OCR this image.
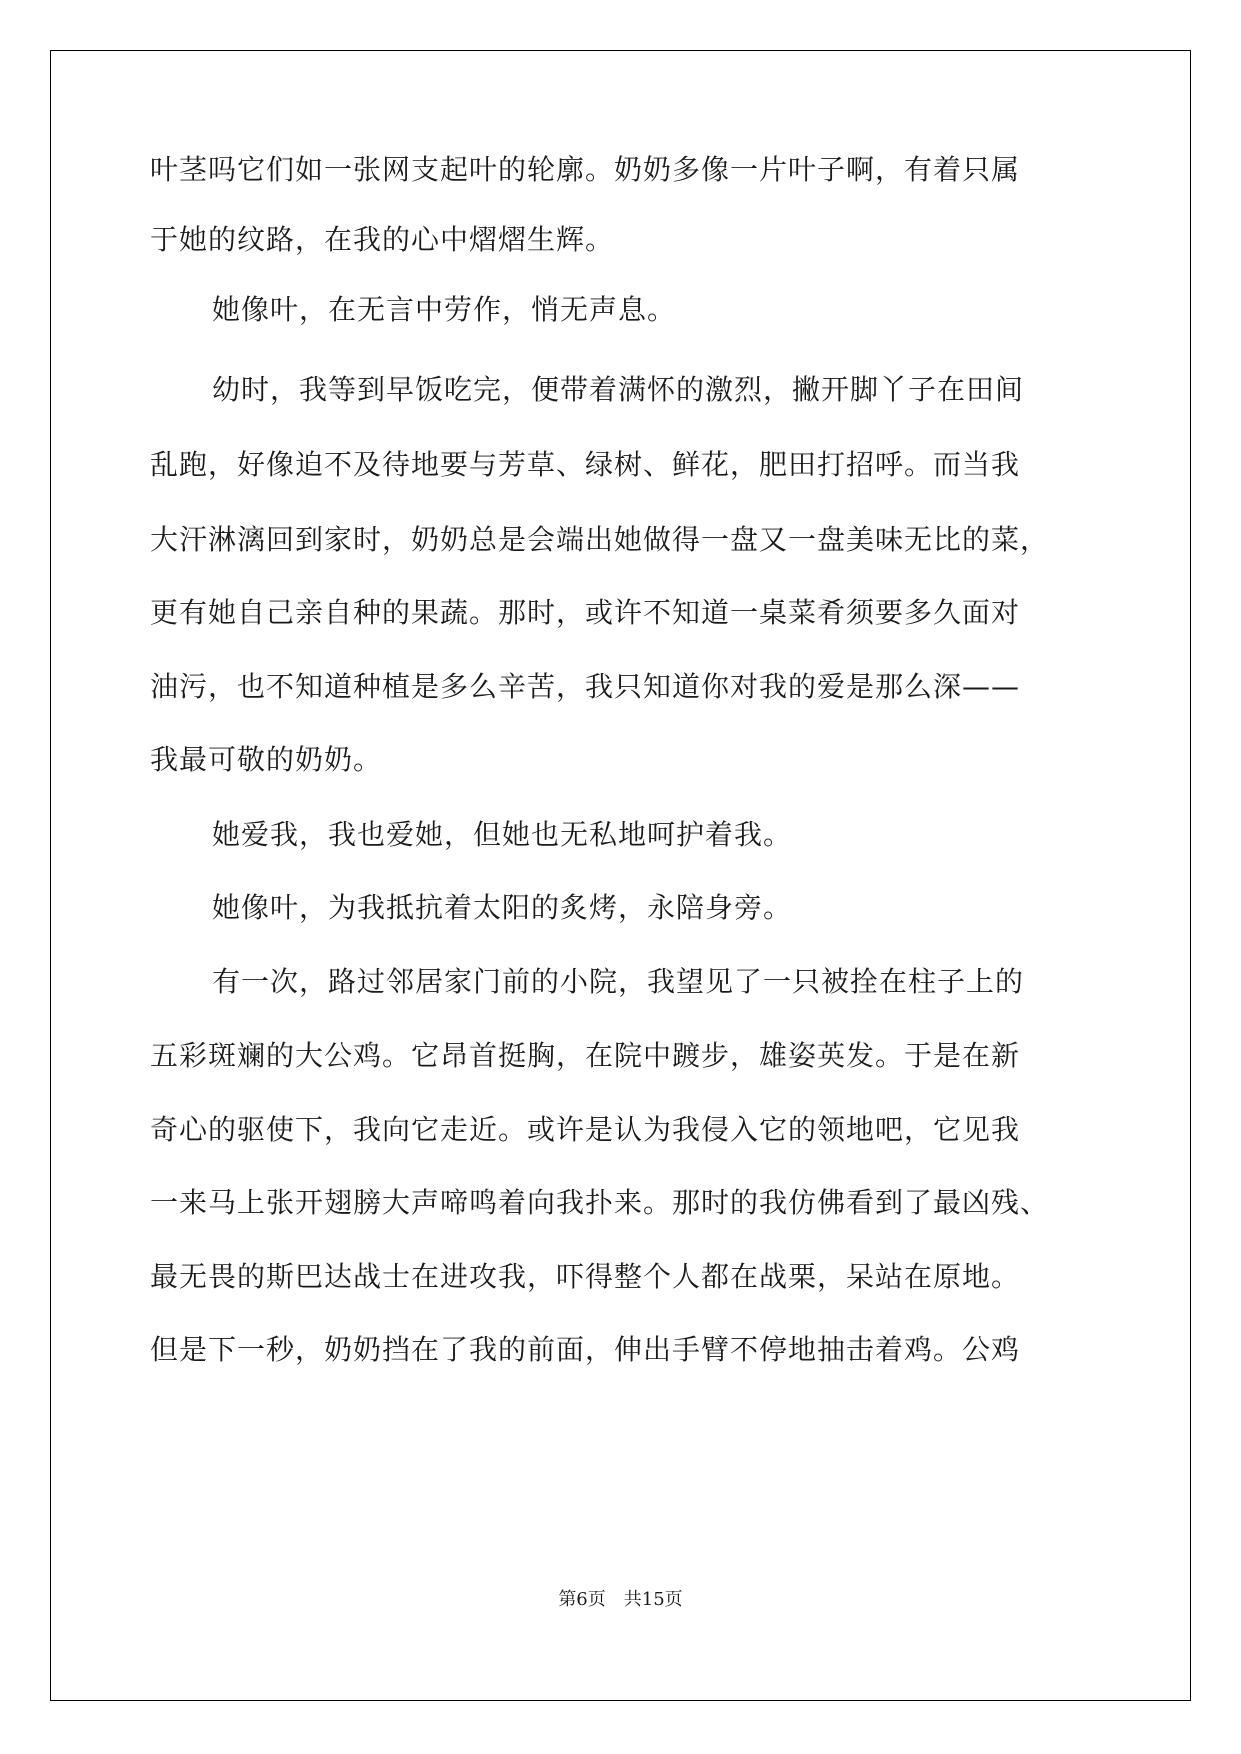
叶茎吗它们如一张网支起叶的轮廓。奶奶多像一片叶子啊，有着只属
于她的纹路，在我的心中熠熠生辉。
她像叶，在无言中劳作，悄无声息。
幼时，我等到早饭吃完，便带着满怀的激烈，撇开脚丫子在田间
乱跑，好像迫不及待地要与芳草、绿树、鲜花，肥田打招呼。而当我
大汗淋漓回到家时，奶奶总是会端出她做得一盘又一盘美味无比的菜，
更有她自己亲自种的果蔬。那时，或许不知道一桌菜肴须要多久面对
油污，也不知道种植是多么辛苦，我只知道你对我的爱是那么深——
我最可敬的奶奶。
她爱我，我也爱她，但她也无私地呵护着我。
她像叶，为我抵抗着太阳的炙烤，永陪身旁。
有一次，路过邻居家门前的小院，我望见了一只被拴在柱子上的
五彩斑斓的大公鸡。它昂首挺胸，在院中踱步，雄姿英发。于是在新
奇心的驱使下，我向它走近。或许是认为我侵入它的领地吧，它见我
一来马上张开翅膀大声啼鸣着向我扑来。那时的我仿佛看到了最凶残、
最无畏的斯巴达战士在进攻我，吓得整个人都在战栗，呆站在原地。
但是下一秒，奶奶挡在了我的前面，伸出手臂不停地抽击着鸡。公鸡
第6页 共15页
